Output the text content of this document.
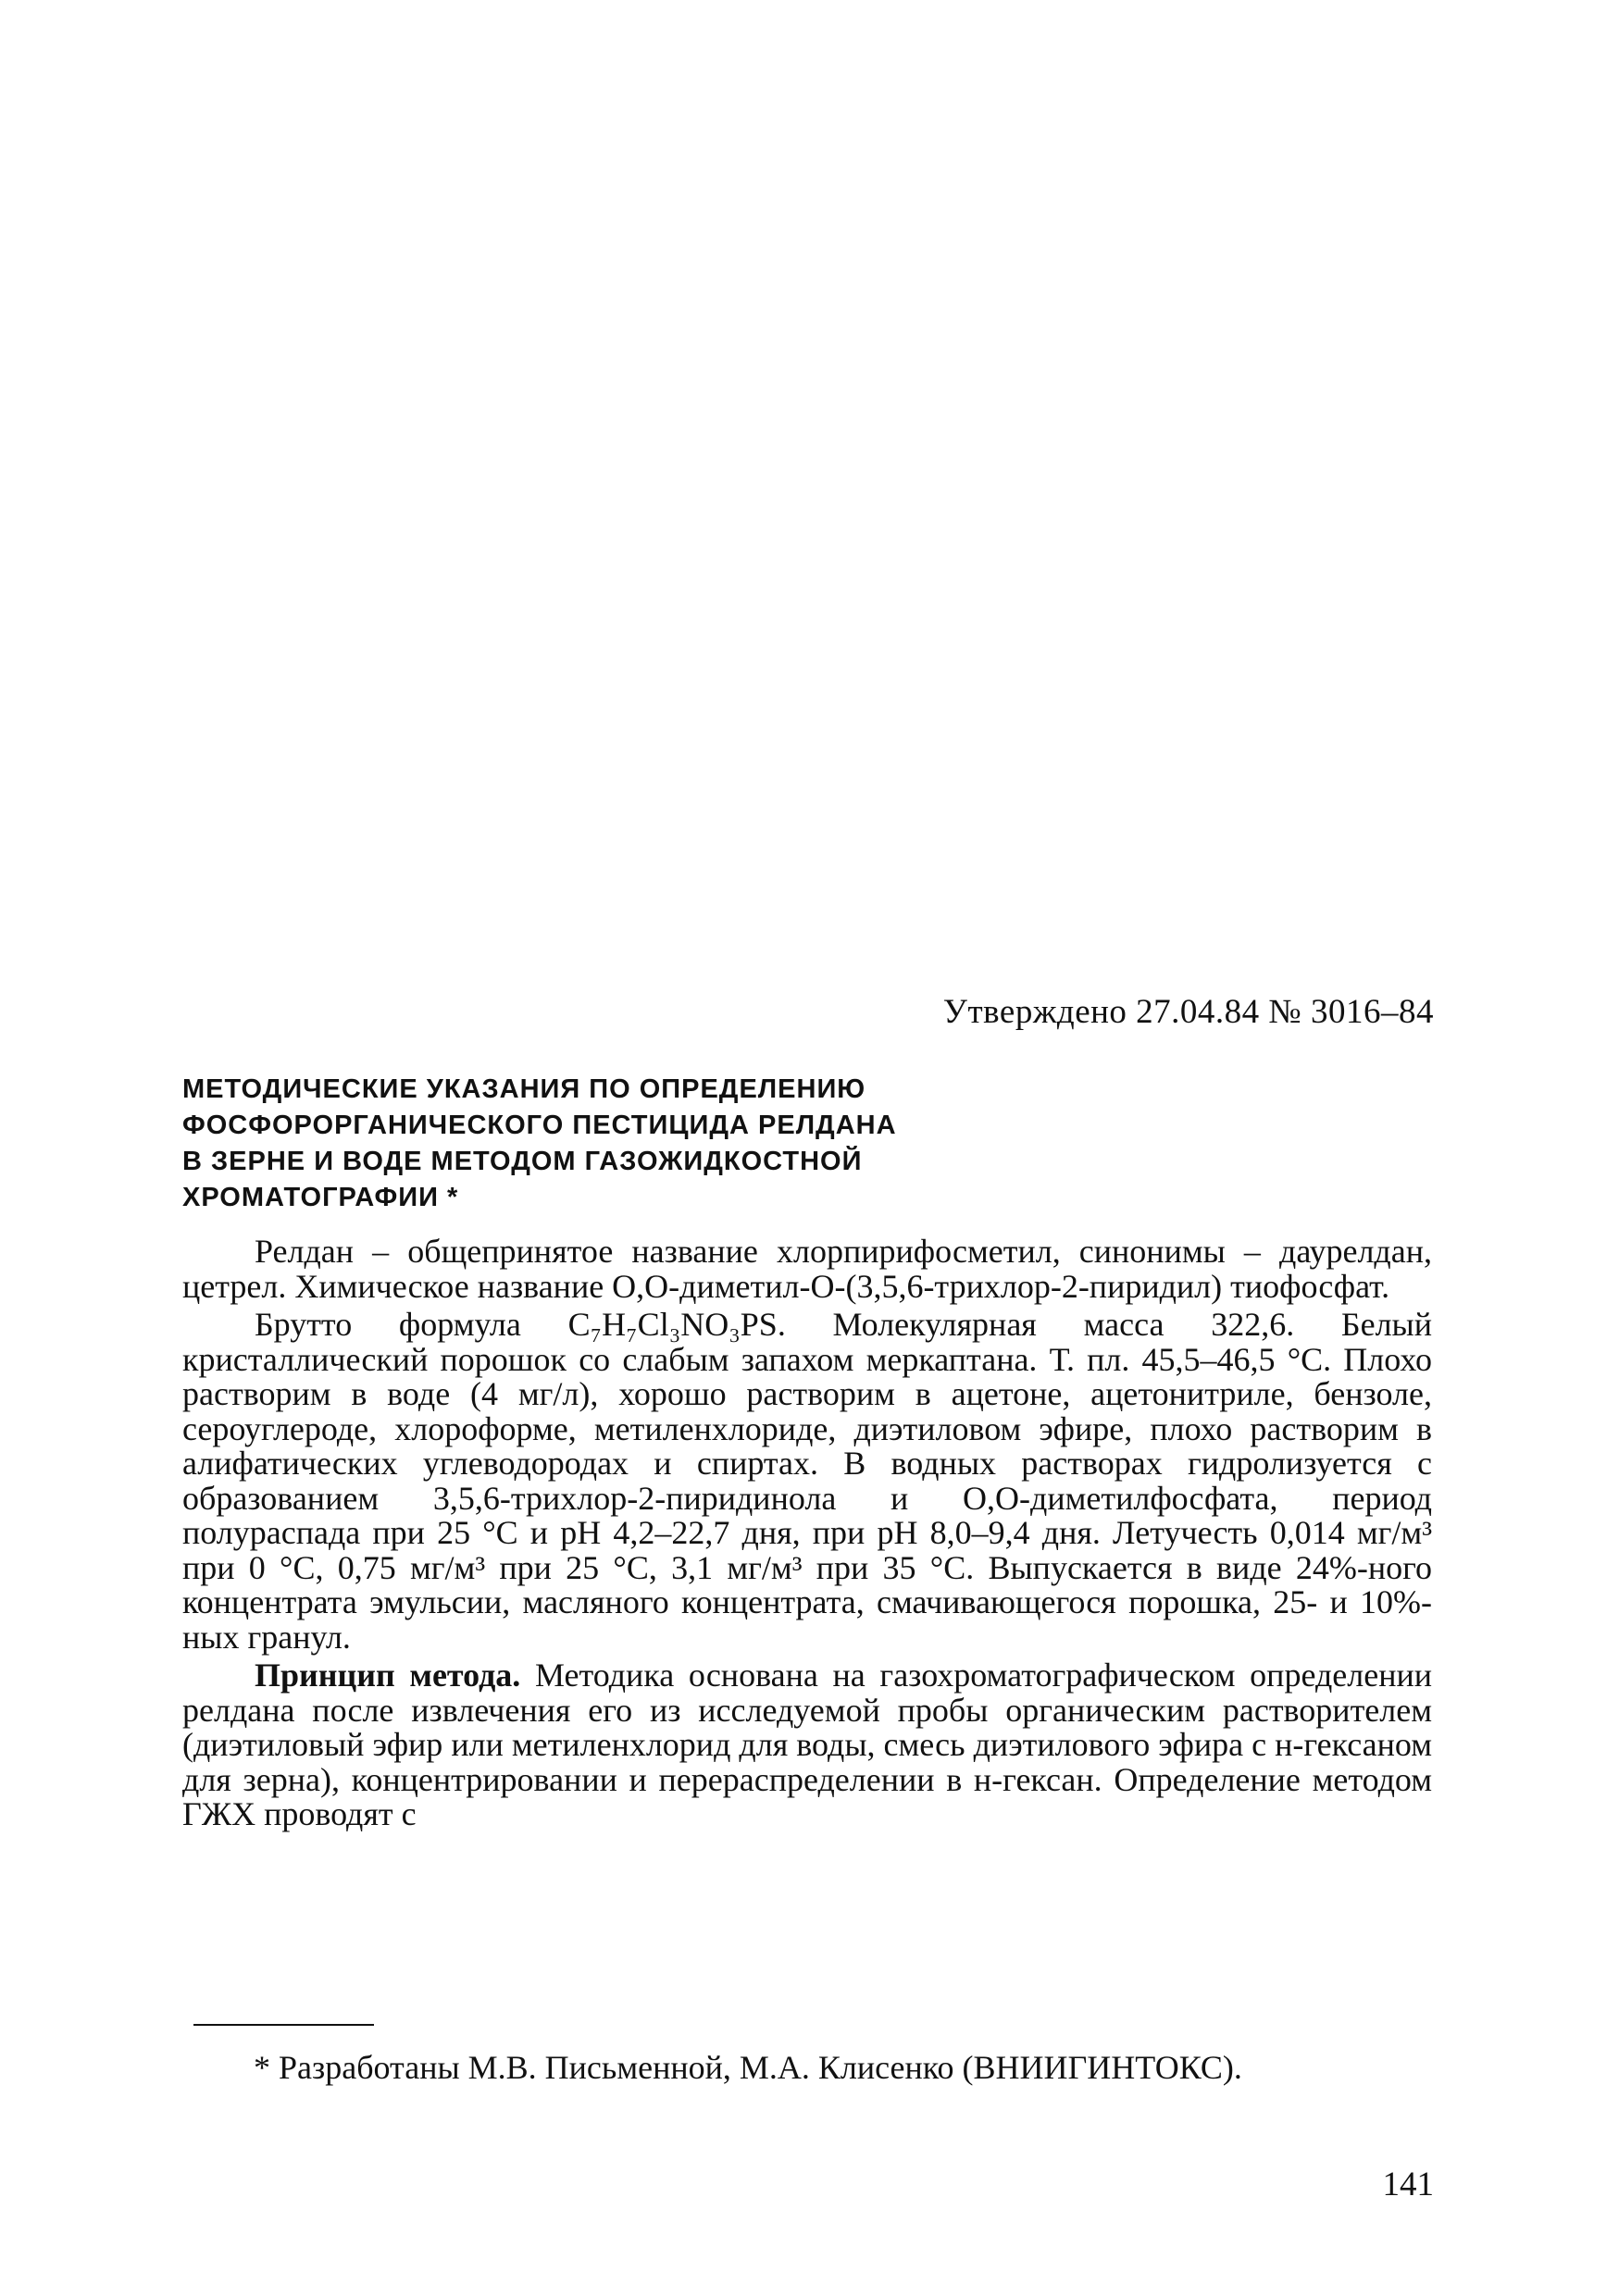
Утверждено 27.04.84 № 3016–84
МЕТОДИЧЕСКИЕ УКАЗАНИЯ ПО ОПРЕДЕЛЕНИЮ
ФОСФОРОРГАНИЧЕСКОГО ПЕСТИЦИДА РЕЛДАНА
В ЗЕРНЕ И ВОДЕ МЕТОДОМ ГАЗОЖИДКОСТНОЙ
ХРОМАТОГРАФИИ *

Релдан – общепринятое название хлорпирифосметил, синонимы – даурелдан, цетрел. Химическое название О,О-диметил-О-(3,5,6-трихлор-2-пиридил) тиофосфат.

Брутто формула C₇H₇Cl₃NO₃PS. Молекулярная масса 322,6. Белый кристаллический порошок со слабым запахом меркаптана. Т. пл. 45,5–46,5 °С. Плохо растворим в воде (4 мг/л), хорошо растворим в ацетоне, ацетонитриле, бензоле, сероуглероде, хлороформе, метиленхлориде, диэтиловом эфире, плохо растворим в алифатических углеводородах и спиртах. В водных растворах гидролизуется с образованием 3,5,6-трихлор-2-пиридинола и О,О-диметилфосфата, период полураспада при 25 °С и рН 4,2–22,7 дня, при рН 8,0–9,4 дня. Летучесть 0,014 мг/м³ при 0 °С, 0,75 мг/м³ при 25 °С, 3,1 мг/м³ при 35 °С. Выпускается в виде 24%-ного концентрата эмульсии, масляного концентрата, смачивающегося порошка, 25- и 10%-ных гранул.

Принцип метода. Методика основана на газохроматографическом определении релдана после извлечения его из исследуемой пробы органическим растворителем (диэтиловый эфир или метиленхлорид для воды, смесь диэтилового эфира с н-гексаном для зерна), концентрировании и перераспределении в н-гексан. Определение методом ГЖХ проводят с

* Разработаны М.В. Письменной, М.А. Клисенко (ВНИИГИНТОКС).
141
